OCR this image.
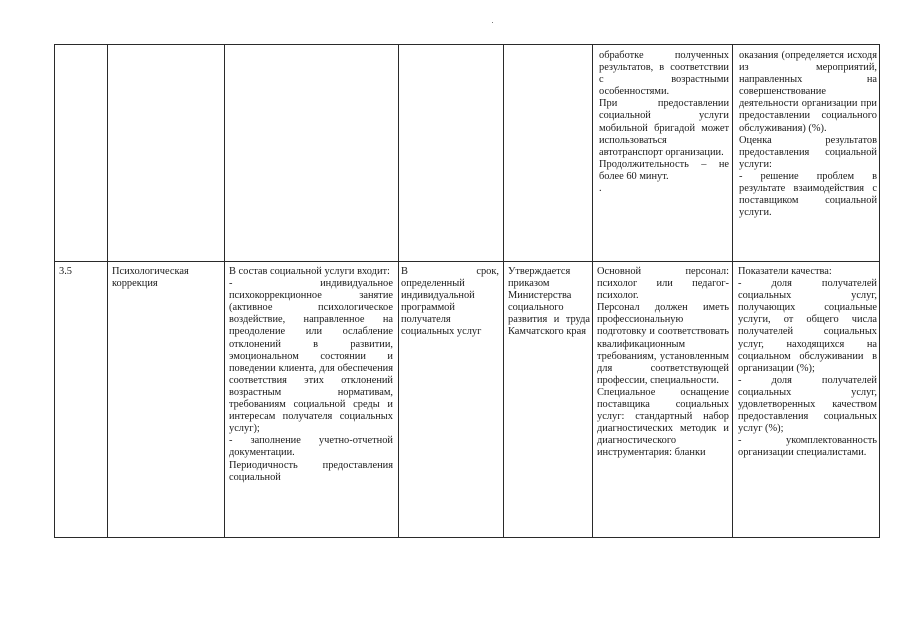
обработке полученных результатов, в соответствии с возрастными особенностями.

При предоставлении социальной услуги мобильной бригадой может использоваться автотранспорт организации.

Продолжительность – не более 60 минут.

.

оказания (определяется исходя из мероприятий, направленных на совершенствование деятельности организации при предоставлении социального обслуживания) (%).

Оценка результатов предоставления социальной услуги:

- решение проблем в результате взаимодействия с поставщиком социальной услуги.

3.5	Психологическая коррекция

В состав социальной услуги входит:

- индивидуальное психокоррекционное занятие (активное психологическое воздействие, направленное на преодоление или ослабление отклонений в развитии, эмоциональном состоянии и поведении клиента, для обеспечения соответствия этих отклонений возрастным нормативам, требованиям социальной среды и интересам получателя социальных услуг);

- заполнение учетно-отчетной документации.

Периодичность предоставления социальной

В срок, определенный индивидуальной программой получателя социальных услуг

Утверждается приказом Министерства социального развития и труда Камчатского края

Основной персонал: психолог или педагог-психолог.

Персонал должен иметь профессиональную подготовку и соответствовать квалификационным требованиям, установленным для соответствующей профессии, специальности.

Специальное оснащение поставщика социальных услуг: стандартный набор диагностических методик и диагностического инструментария: бланки

Показатели качества:

- доля получателей социальных услуг, получающих социальные услуги, от общего числа получателей социальных услуг, находящихся на социальном обслуживании в организации (%);

- доля получателей социальных услуг, удовлетворенных качеством предоставления социальных услуг (%);

- укомплектованность организации специалистами.
